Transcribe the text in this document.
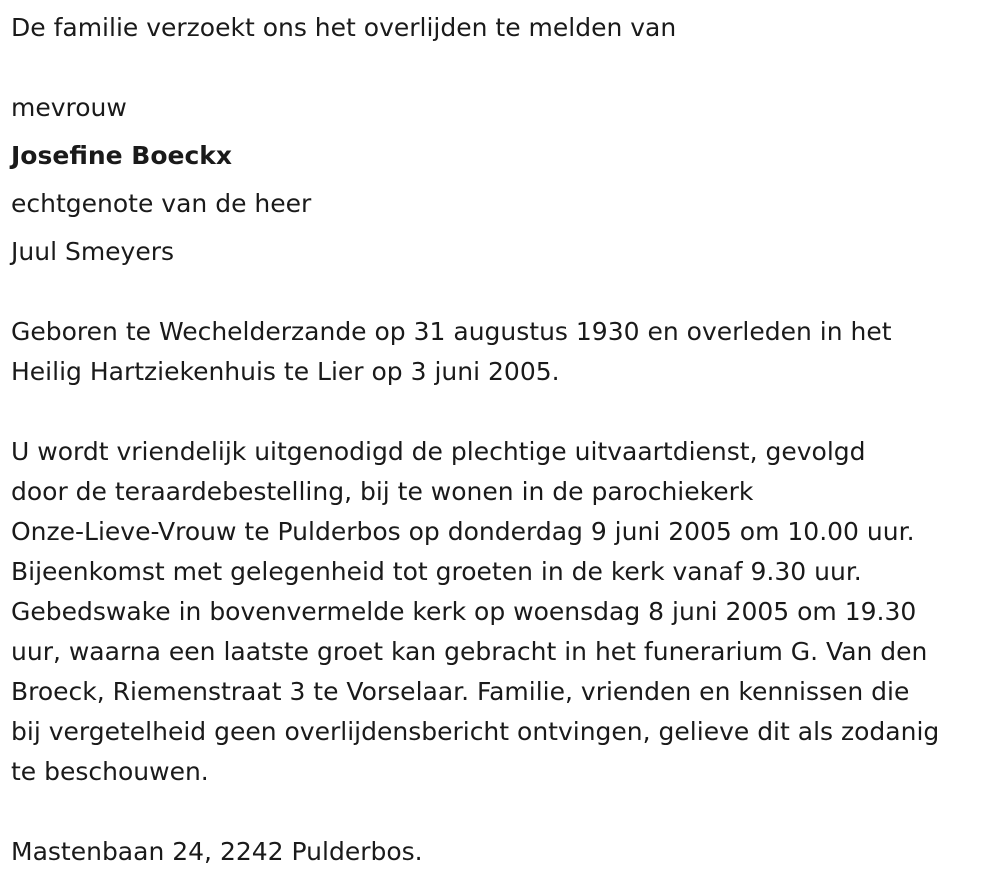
De familie verzoekt ons het overlijden te melden van
mevrouw
Josefine Boeckx
echtgenote van de heer
Juul Smeyers
Geboren te Wechelderzande op 31 augustus 1930 en overleden in het
Heilig Hartziekenhuis te Lier op 3 juni 2005.
U wordt vriendelijk uitgenodigd de plechtige uitvaartdienst, gevolgd
door de teraardebestelling, bij te wonen in de parochiekerk
Onze-Lieve-Vrouw te Pulderbos op donderdag 9 juni 2005 om 10.00 uur.
Bijeenkomst met gelegenheid tot groeten in de kerk vanaf 9.30 uur.
Gebedswake in bovenvermelde kerk op woensdag 8 juni 2005 om 19.30
uur, waarna een laatste groet kan gebracht in het funerarium G. Van den
Broeck, Riemenstraat 3 te Vorselaar. Familie, vrienden en kennissen die
bij vergetelheid geen overlijdensbericht ontvingen, gelieve dit als zodanig
te beschouwen.
Mastenbaan 24, 2242 Pulderbos.
